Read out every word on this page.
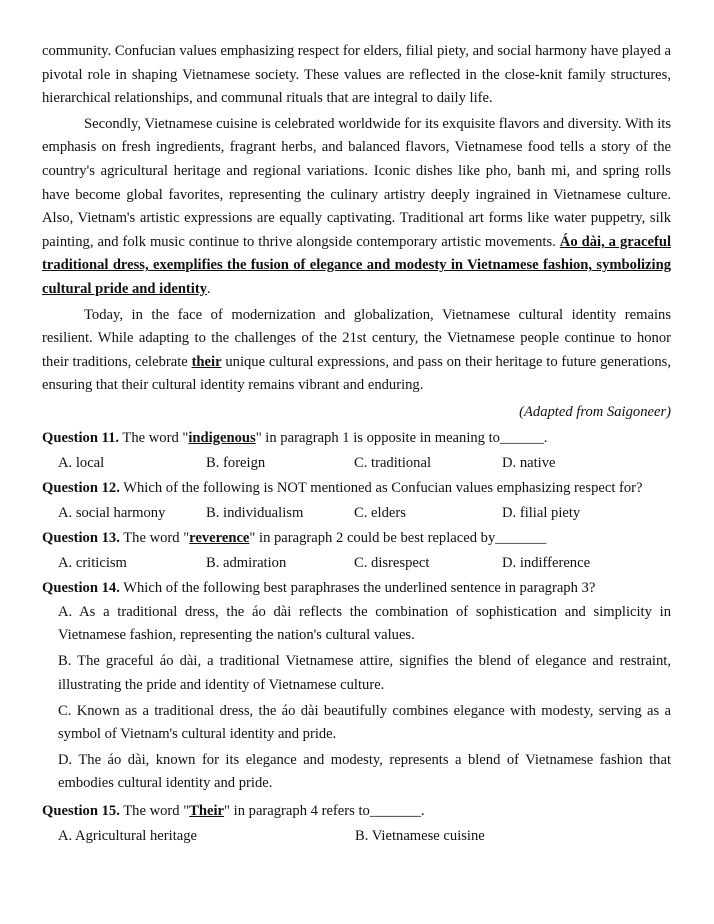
community. Confucian values emphasizing respect for elders, filial piety, and social harmony have played a pivotal role in shaping Vietnamese society. These values are reflected in the close-knit family structures, hierarchical relationships, and communal rituals that are integral to daily life.

Secondly, Vietnamese cuisine is celebrated worldwide for its exquisite flavors and diversity. With its emphasis on fresh ingredients, fragrant herbs, and balanced flavors, Vietnamese food tells a story of the country's agricultural heritage and regional variations. Iconic dishes like pho, banh mi, and spring rolls have become global favorites, representing the culinary artistry deeply ingrained in Vietnamese culture. Also, Vietnam's artistic expressions are equally captivating. Traditional art forms like water puppetry, silk painting, and folk music continue to thrive alongside contemporary artistic movements. Áo dài, a graceful traditional dress, exemplifies the fusion of elegance and modesty in Vietnamese fashion, symbolizing cultural pride and identity.

Today, in the face of modernization and globalization, Vietnamese cultural identity remains resilient. While adapting to the challenges of the 21st century, the Vietnamese people continue to honor their traditions, celebrate their unique cultural expressions, and pass on their heritage to future generations, ensuring that their cultural identity remains vibrant and enduring.

(Adapted from Saigoneer)

Question 11. The word "indigenous" in paragraph 1 is opposite in meaning to______.

A. local	B. foreign	C. traditional	D. native

Question 12. Which of the following is NOT mentioned as Confucian values emphasizing respect for?

A. social harmony	B. individualism	C. elders	D. filial piety

Question 13. The word "reverence" in paragraph 2 could be best replaced by_______

A. criticism	B. admiration	C. disrespect	D. indifference

Question 14. Which of the following best paraphrases the underlined sentence in paragraph 3?

A. As a traditional dress, the áo dài reflects the combination of sophistication and simplicity in Vietnamese fashion, representing the nation's cultural values.

B. The graceful áo dài, a traditional Vietnamese attire, signifies the blend of elegance and restraint, illustrating the pride and identity of Vietnamese culture.

C. Known as a traditional dress, the áo dài beautifully combines elegance with modesty, serving as a symbol of Vietnam's cultural identity and pride.

D. The áo dài, known for its elegance and modesty, represents a blend of Vietnamese fashion that embodies cultural identity and pride.

Question 15. The word "Their" in paragraph 4 refers to_______.

A. Agricultural heritage	B. Vietnamese cuisine
